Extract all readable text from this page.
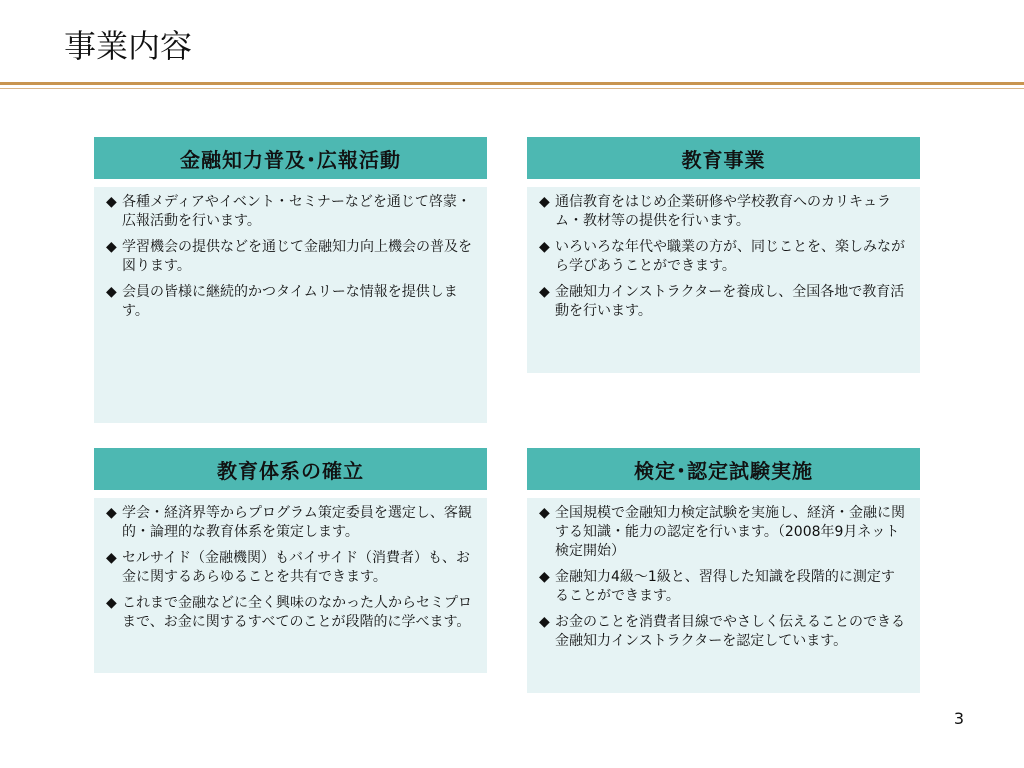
事業内容
金融知力普及･広報活動
◆ 各種メディアやイベント・セミナーなどを通じて啓蒙・広報活動を行います。
◆ 学習機会の提供などを通じて金融知力向上機会の普及を図ります。
◆ 会員の皆様に継続的かつタイムリーな情報を提供します。
教育事業
◆ 通信教育をはじめ企業研修や学校教育へのカリキュラム・教材等の提供を行います。
◆ いろいろな年代や職業の方が、同じことを、楽しみながら学びあうことができます。
◆ 金融知力インストラクターを養成し、全国各地で教育活動を行います。
教育体系の確立
◆ 学会・経済界等からプログラム策定委員を選定し、客観的・論理的な教育体系を策定します。
◆ セルサイド（金融機関）もバイサイド（消費者）も、お金に関するあらゆることを共有できます。
◆ これまで金融などに全く興味のなかった人からセミプロまで、お金に関するすべてのことが段階的に学べます。
検定･認定試験実施
◆ 全国規模で金融知力検定試験を実施し、経済・金融に関する知識・能力の認定を行います。（2008年9月ネット検定開始）
◆ 金融知力4級～1級と、習得した知識を段階的に測定することができます。
◆ お金のことを消費者目線でやさしく伝えることのできる金融知力インストラクターを認定しています。
3
